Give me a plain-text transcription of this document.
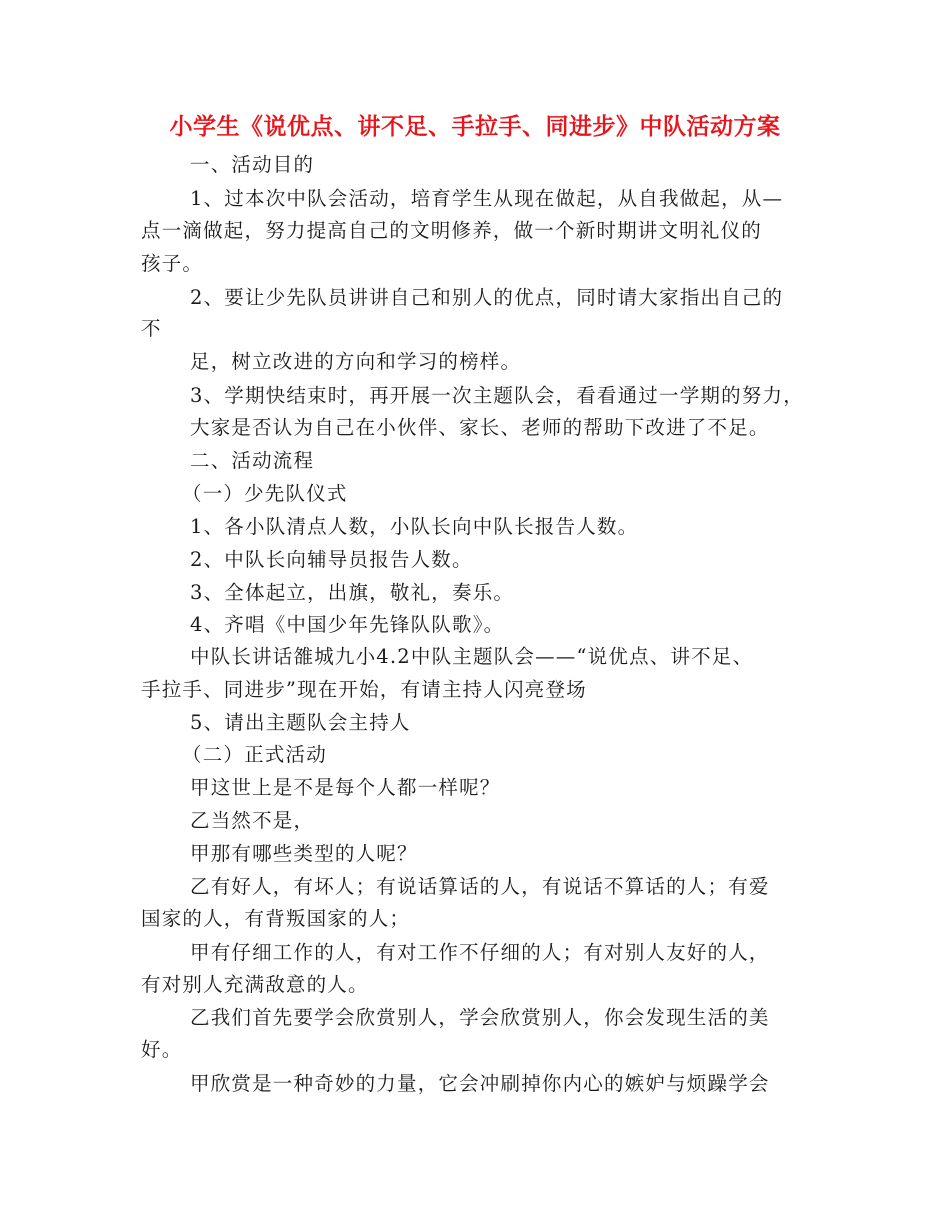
小学生《说优点、讲不足、手拉手、同进步》中队活动方案
一、活动目的
1、过本次中队会活动，培育学生从现在做起，从自我做起，从—
点一滴做起，努力提高自己的文明修养，做一个新时期讲文明礼仪的
孩子。
2、要让少先队员讲讲自己和别人的优点，同时请大家指出自己的
不
足，树立改进的方向和学习的榜样。
3、学期快结束时，再开展一次主题队会，看看通过一学期的努力，
大家是否认为自己在小伙伴、家长、老师的帮助下改进了不足。
二、活动流程
（一）少先队仪式
1、各小队清点人数，小队长向中队长报告人数。
2、中队长向辅导员报告人数。
3、全体起立，出旗，敬礼，奏乐。
4、齐唱《中国少年先锋队队歌》。
中队长讲话雒城九小4.2中队主题队会——“说优点、讲不足、
手拉手、同进步”现在开始，有请主持人闪亮登场
5、请出主题队会主持人
（二）正式活动
甲这世上是不是每个人都一样呢？
乙当然不是，
甲那有哪些类型的人呢？
乙有好人，有坏人；有说话算话的人，有说话不算话的人；有爱
国家的人，有背叛国家的人；
甲有仔细工作的人，有对工作不仔细的人；有对别人友好的人，
有对别人充满敌意的人。
乙我们首先要学会欣赏别人，学会欣赏别人，你会发现生活的美
好。
甲欣赏是一种奇妙的力量，它会冲刷掉你内心的嫉妒与烦躁学会
